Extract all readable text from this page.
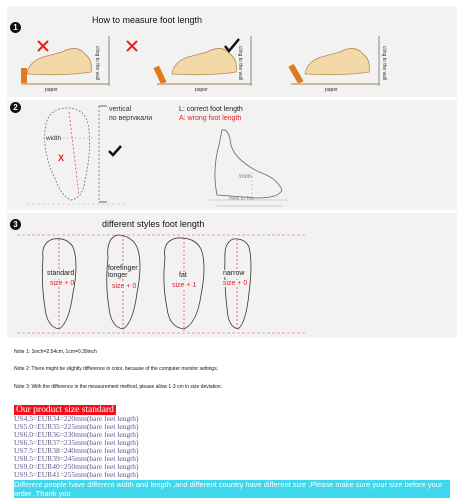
1
How to measure foot length
paper	paper	paper
cling to the wall	cling to the wall	cling to the wall
2
width
X
vertical
по вертикали
L: correct foot length
A: wrong foot length
Width
Heel to Toe
3	different styles foot length
standard
size + 0
forefinger longer
size + 0
fat
size + 1
narrow
size + 0
Note 1: 1inch=2.54cm, 1cm=0.39inch
Note 2: There might be slightly difference in color, because of the computer monitor settings.
Note 3: With the difference in the measurement method, please allow 1-3 cm in size deviation.
Our product size standard
US4.5=EUR34=220mm(bare feet length)
US5.0=EUR35=225mm(bare feet length)
US6.0=EUR36=230mm(bare feet length)
US6.5=EUR37=235mm(bare feet length)
US7.5=EUR38=240mm(bare feet length)
US8.5=EUR39=245mm(bare feet length)
US9.0=EUR40=250mm(bare feet length)
US9.5=EUR41=255mm(bare feet length)
Different people have different width and length ,and different country have different size ,Please make sure your size before your order ,Thank you
